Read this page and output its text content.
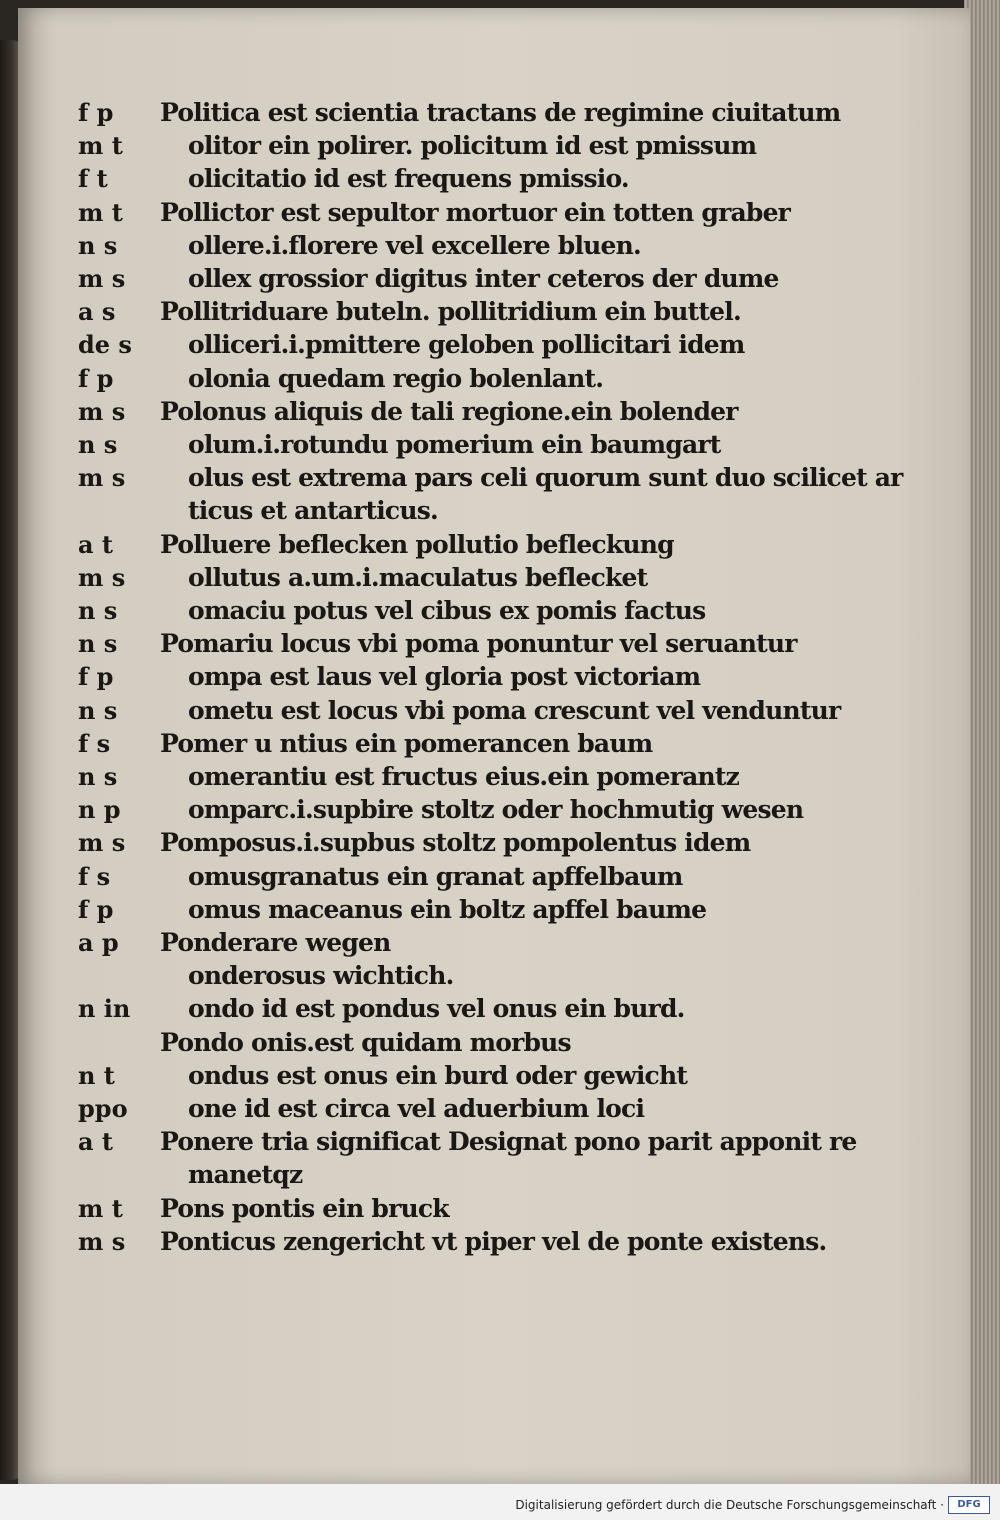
f p	Politica est scientia tractans de regimine ciuitatum
m t	olitor ein polirer. policitum id est pmissum
f t	olicitatio id est frequens pmissio.
m t	Pollictor est sepultor mortuor ein totten graber
n s	ollere.i.florere vel excellere bluen.
m s	ollex grossior digitus inter ceteros der dume
a s	Pollitriduare buteln. pollitridium ein buttel.
de s	olliceri.i.pmittere geloben pollicitari idem
f p	olonia quedam regio bolenlant.
m s	Polonus aliquis de tali regione.ein bolender
n s	olum.i.rotundu pomerium ein baumgart
m s	olus est extrema pars celi quorum sunt duo scilicet ar
ticus et antarticus.
a t	Polluere beflecken pollutio befleckung
m s	ollutus a.um.i.maculatus beflecket
n s	omaciu potus vel cibus ex pomis factus
n s	Pomariu locus vbi poma ponuntur vel seruantur
f p	ompa est laus vel gloria post victoriam
n s	ometu est locus vbi poma crescunt vel venduntur
f s	Pomer u ntius ein pomerancen baum
n s	omerantiu est fructus eius.ein pomerantz
n p	omparc.i.supbire stoltz oder hochmutig wesen
m s	Pomposus.i.supbus stoltz pompolentus idem
f s	omusgranatus ein granat apffelbaum
f p	omus maceanus ein boltz apffel baume
a p	Ponderare wegen
onderosus wichtich.
n in	ondo id est pondus vel onus ein burd.
Pondo onis.est quidam morbus
n t	ondus est onus ein burd oder gewicht
ppo	one id est circa vel aduerbium loci
a t	Ponere tria significat Designat pono parit apponit re
manetqz
m t	Pons pontis ein bruck
m s	Ponticus zengericht vt piper vel de ponte existens.
Digitalisierung gefördert durch die Deutsche Forschungsgemeinschaft ·	DFG
